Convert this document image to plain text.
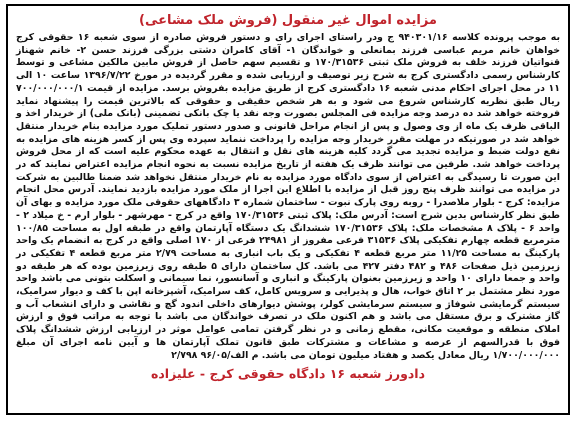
مزایده اموال غیر منقول (فروش ملک مشاعی)

به موجب پرونده کلاسه ۹۴۰۳۰۱/۱۶ ج ودر راستای اجرای رای و دستور فروش صادره از سوی شعبه ۱۶ حقوقی کرج خواهان خانم مریم عباسی فرزند بمانعلی و خواندگان ۱- آقای کامران دشتی بزرگی فرزند حسن ۲- خانم شهناز قنواتیان فرزند خلف به فروش ملک ثبتی ۱۷۰/۳۱۵۳۶ و تقسیم سهم حاصل از فروش مابین مالکین مشاعی و توسط کارشناس رسمی دادگستری کرج به شرح زیر توصیف و ارزیابی شده و مقرر گردیده در مورخ ۱۳۹۶/۷/۲۲ ساعت ۱۰ الی ۱۱ در محل اجرای احکام مدنی شعبه ۱۶ دادگستری کرج از طریق مزایده بفروش برسد. مزایده از قیمت ۷۰۰/۰۰۰/۰۰۰/۱ ریال طبق نظریه کارشناس شروع می شود و به هر شخص حقیقی و حقوقی که بالاترین قیمت را پیشنهاد نماید فروخته خواهد شد ده درصد وجه مزایده فی المجلس بصورت وجه نقد یا چک بانکی تضمینی (بانک ملی) از خریدار اخذ و الباقی ظرف یک ماه از وی وصول و پس از انجام مراحل قانونی و صدور دستور تملیک مورد مزایده بنام خریدار منتقل خواهد شد در صورتیکه در مهلت مقرر خریدار وجه مزایده را پرداخت ننماید سپرده وی پس از کسر هزینه های مزایده به نفع دولت ضبط و مزایده تجدید می گردد کلیه هزینه های نقل و انتقال به عهده محکوم علیه است که از محل فروش پرداخت خواهد شد. طرفین می توانند ظرف یک هفته از تاریخ مزایده نسبت به نحوه انجام مزایده اعتراض نمایند که در این صورت تا رسیدگی به اعتراض از سوی دادگاه مورد مزایده به نام خریدار منتقل نخواهد شد ضمنا طالبین به شرکت در مزایده می توانند ظرف پنج روز قبل از مزایده با اطلاع این اجرا از ملک مورد مزایده بازدید نمایند. آدرس محل انجام مزایده: کرج - بلوار ملاصدرا - روبه روی پارک نبوت - ساختمان شماره ۳ دادگاههای حقوقی ملک مورد مزایده و بهای آن طبق نظر کارشناس بدین شرح است: آدرس ملک: پلاک ثبتی ۱۷۰/۳۱۵۳۶ واقع در کرج - مهرشهر - بلوار ارم - خ میلاد ۲ - واحد ۶ - پلاک ۸ مشخصات ملک: پلاک ۱۷۰/۳۱۵۳۶ ششدانگ یک دستگاه آپارتمان واقع در طبقه اول به مساحت ۱۰۰/۸۵ مترمربع قطعه چهارم تفکیکی پلاک ۳۱۵۳۶ فرعی مفروز از ۲۴۹۸۱ فرعی از ۱۷۰ اصلی واقع در کرج به انضمام یک واحد پارکینگ به مساحت ۱۱/۲۵ متر مربع قطعه ۴ تفکیکی و یک باب انباری به مساحت ۲/۷۹ متر مربع قطعه ۴ تفکیکی در زیرزمین ذیل صفحات ۴۸۶ و ۴۸۲ دفتر ۴۲۷ می باشد. کل ساختمان دارای ۵ طبقه روی زیرزمین بوده که هر طبقه دو واحد و جمعا دارای ۱۰ واحد و زیرزمین بعنوان پارکینگ و انباری و آسانسور، نما سیمانی و اسکلت بتونی می باشد واحد مورد نظر مشتمل بر ۲ اتاق خواب، هال و پذیرایی و سرویس کامل، کف سرامیک، آشپزخانه اپن با کف و دیوار سرامیک، سیستم گرمایشی شوفاژ و سیستم سرمایشی کولر، پوشش دیوارهای داخلی اندود گچ و نقاشی و دارای انشعاب آب و گاز مشترک و برق مستقل می باشد و هم اکنون ملک در تصرف خواندگان می باشد با توجه به مراتب فوق و ارزش املاک منطقه و موقعیت مکانی، مقطع زمانی و در نظر گرفتن تمامی عوامل موثر در ارزیابی ارزش ششدانگ پلاک فوق با قدرالسهم از عرصه و مشاعات و مشترکات طبق قانون تملک آپارتمان ها و آیین نامه اجرای آن مبلغ ۱/۷۰۰/۰۰۰/۰۰۰ ریال معادل یکصد و هفتاد میلیون تومان می باشد. م الف/۹۶/۰۵ ۲/۷۹۸

دادورز شعبه ۱۶ دادگاه حقوقی کرج - علیزاده
